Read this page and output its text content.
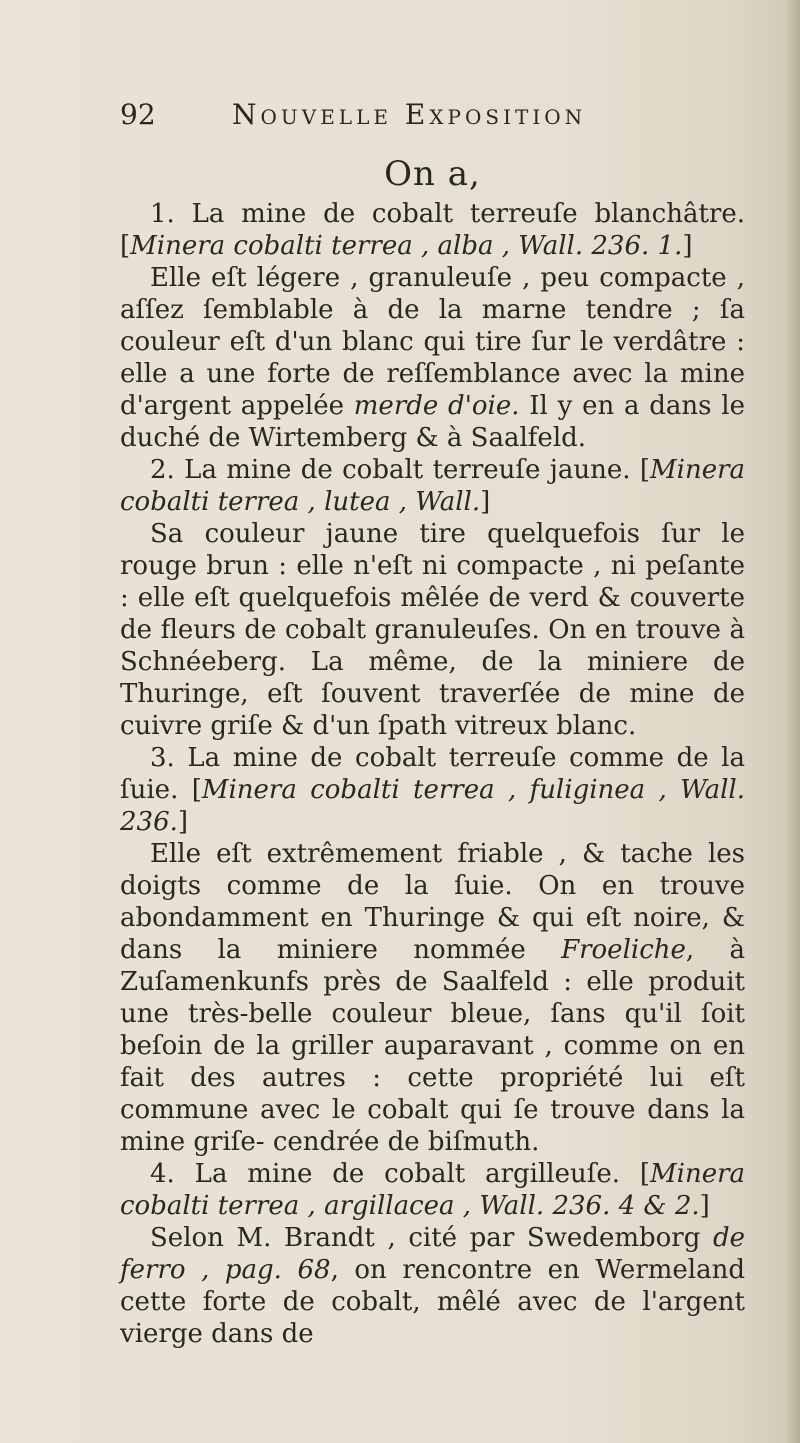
92	Nouvelle Exposition
On a,

1. La mine de cobalt terreuſe blanchâtre. [Minera cobalti terrea , alba , Wall. 236. 1.]

Elle eſt légere , granuleuſe , peu compacte , aſſez ſemblable à de la marne tendre ; ſa couleur eſt d'un blanc qui tire ſur le verdâtre : elle a une forte de reſſemblance avec la mine d'argent appelée merde d'oie. Il y en a dans le duché de Wirtemberg & à Saalfeld.

2. La mine de cobalt terreuſe jaune. [Minera cobalti terrea , lutea , Wall.]

Sa couleur jaune tire quelquefois ſur le rouge brun : elle n'eſt ni compacte , ni peſante : elle eſt quelquefois mêlée de verd & couverte de fleurs de cobalt granuleuſes. On en trouve à Schnéeberg. La même, de la miniere de Thuringe, eſt ſouvent traverſée de mine de cuivre griſe & d'un ſpath vitreux blanc.

3. La mine de cobalt terreuſe comme de la ſuie. [Minera cobalti terrea , fuliginea , Wall. 236.]

Elle eſt extrêmement friable , & tache les doigts comme de la ſuie. On en trouve abondamment en Thuringe & qui eſt noire, & dans la miniere nommée Froeliche, à Zuſamenkunfs près de Saalfeld : elle produit une très-belle couleur bleue, ſans qu'il ſoit beſoin de la griller auparavant , comme on en fait des autres : cette propriété lui eſt commune avec le cobalt qui ſe trouve dans la mine griſe- cendrée de biſmuth.

4. La mine de cobalt argilleuſe. [Minera cobalti terrea , argillacea , Wall. 236. 4 & 2.]

Selon M. Brandt , cité par Swedemborg de ferro , pag. 68, on rencontre en Wermeland cette forte de cobalt, mêlé avec de l'argent vierge dans de
